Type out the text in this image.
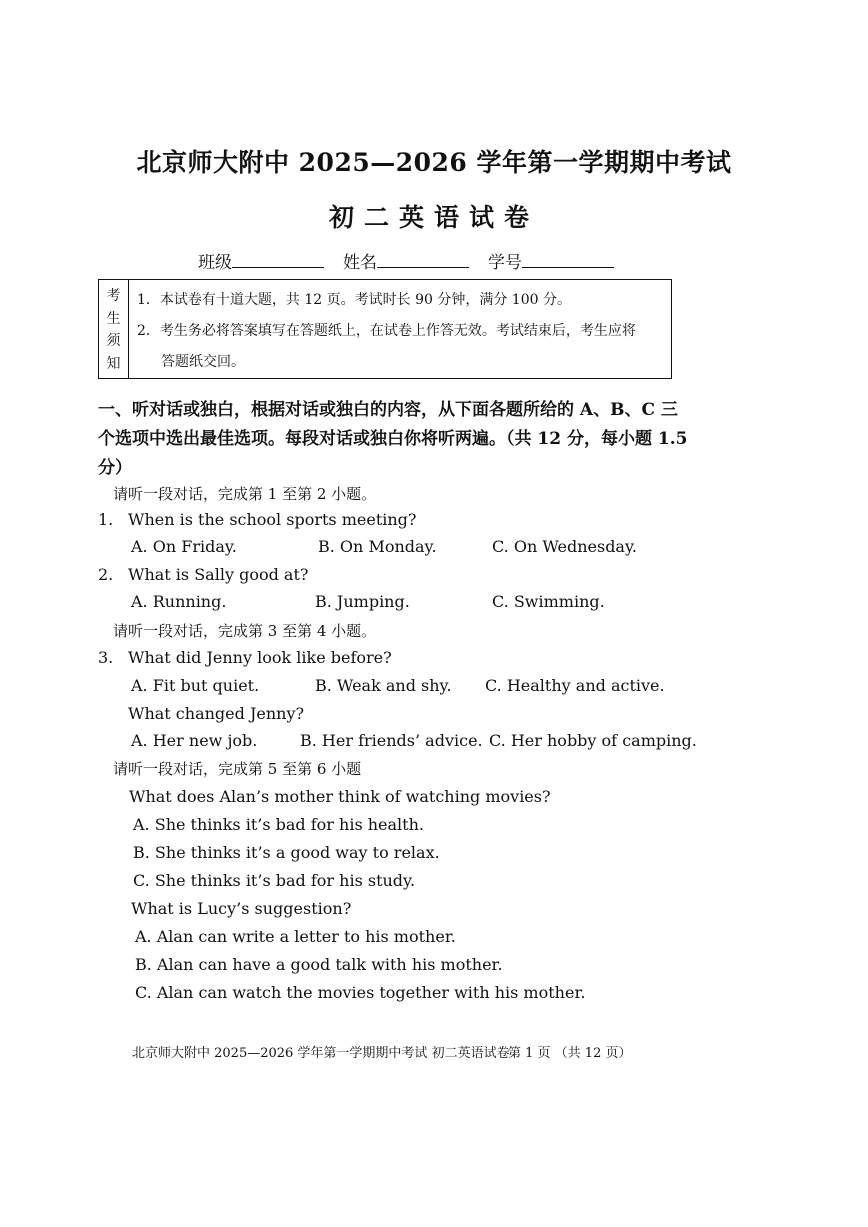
北京师大附中 2025—2026 学年第一学期期中考试
初二英语试卷
班级	姓名	学号
考
生
须
知
1．本试卷有十道大题，共 12 页。考试时长 90 分钟，满分 100 分。
2．考生务必将答案填写在答题纸上，在试卷上作答无效。考试结束后，考生应将
答题纸交回。
一、听对话或独白，根据对话或独白的内容，从下面各题所给的 A、B、C 三
个选项中选出最佳选项。每段对话或独白你将听两遍。（共 12 分，每小题 1.5
分）
请听一段对话，完成第 1 至第 2 小题。
1. When is the school sports meeting?
A. On Friday.	B. On Monday.	C. On Wednesday.
2. What is Sally good at?
A. Running.	B. Jumping.	C. Swimming.
请听一段对话，完成第 3 至第 4 小题。
3. What did Jenny look like before?
A. Fit but quiet.	B. Weak and shy. C. Healthy and active.
What changed Jenny?
A. Her new job.	B. Her friends’ advice. C. Her hobby of camping.
请听一段对话，完成第 5 至第 6 小题
What does Alan’s mother think of watching movies?
A. She thinks it’s bad for his health.
B. She thinks it’s a good way to relax.
C. She thinks it’s bad for his study.
What is Lucy’s suggestion?
A. Alan can write a letter to his mother.
B. Alan can have a good talk with his mother.
C. Alan can watch the movies together with his mother.
北京师大附中 2025—2026 学年第一学期期中考试 初二英语试卷
第 1 页 （共 12 页）
